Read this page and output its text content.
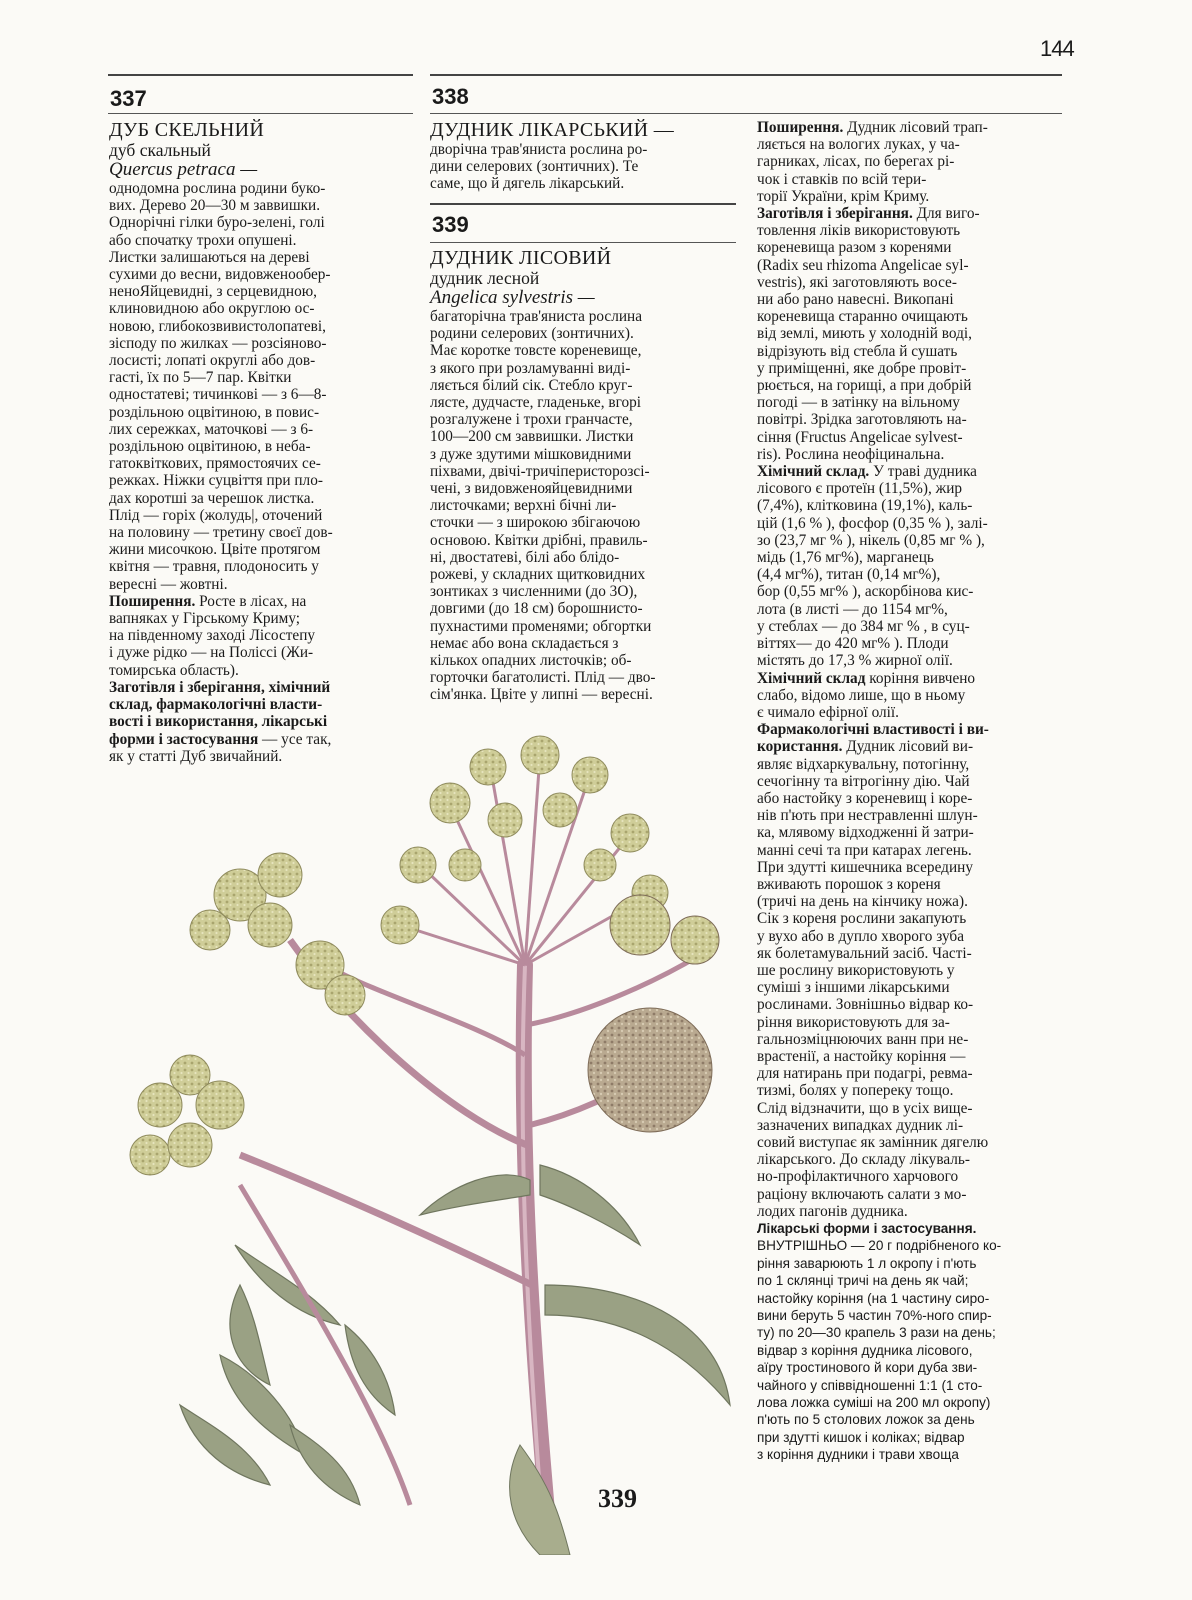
144
337	338

ДУБ СКЕЛЬНИЙ

дуб скальный

Quercus petraca —

однодомна рослина родини буко-

вих. Дерево 20—30 м заввишки.

Однорічні гілки буро-зелені, голі

або спочатку трохи опушені.

Листки залишаються на дереві

сухими до весни, видовженообер-

неноЯйцевидні, з серцевидною,

клиновидною або округлою ос-

новою, глибокозвивистолопатеві,

зісподу по жилках — розсіяново-

лосисті; лопаті округлі або дов-

гасті, їх по 5—7 пар. Квітки

одностатеві; тичинкові — з 6—8-

роздільною оцвітиною, в повис-

лих сережках, маточкові — з 6-

роздільною оцвітиною, в небa-

гатоквіткових, прямостоячих се-

режках. Ніжки суцвіття при пло-

дах коротші за черешок листка.

Плід — горіх (жолудь|, оточений

на половину — третину своєї дов-

жини мисочкою. Цвіте протягом

квітня — травня, плодоносить у

вересні — жовтні.

Поширення. Росте в лісах, на

вапняках у Гірському Криму;

на південному заході Лісостепу

і дуже рідко — на Поліссі (Жи-

томирська область).

Заготівля і зберігання, хімічний

склад, фармакологічні власти-

вості і використання, лікарські

форми і застосування — усе так,

як у статті Дуб звичайний.

ДУДНИК ЛІКАРСЬКИЙ —

дворічна трав'яниста рослина ро-

дини селерових (зонтичних). Те

саме, що й дягель лікарський.

339

ДУДНИК ЛІСОВИЙ

дудник лесной

Angelica sylvestris —

багаторічна трав'яниста рослина

родини селерових (зонтичних).

Має коротке товсте кореневище,

з якого при розламуванні виді-

ляється білий сік. Стебло круг-

лясте, дудчасте, гладеньке, вгорі

розгалужене і трохи гранчасте,

100—200 см заввишки. Листки

з дуже здутими мішковидними

піхвами, двічі-тричіперисторозсі-

чені, з видовженояйцевидними

листочками; верхні бічні ли-

сточки — з широкою збігаючою

основою. Квітки дрібні, правиль-

ні, двостатеві, білі або блідо-

рожеві, у складних щитковидних

зонтиках з численними (до 3О),

довгими (до 18 см) борошнисто-

пухнастими променями; обгортки

немає або вона складається з

кількох опадних листочків; об-

горточки багатолисті. Плід — дво-

сім'янка. Цвіте у липні — вересні.

Поширення. Дудник лісовий трап-

ляється на вологих луках, у ча-

гарниках, лісах, по берегах рі-

чок і ставків по всій тери-

торії України, крім Криму.

Заготівля і зберігання. Для виго-

товлення ліків використовують

кореневища разом з коренями

(Radix seu rhizoma Angelicae syl-

vestris), які заготовляють восе-

ни або рано навесні. Викопані

кореневища старанно очищають

від землі, миють у холодній воді,

відрізують від стебла й сушать

у приміщенні, яке добре провіт-

рюється, на горищі, а при добрій

погоді — в затінку на вільному

повітрі. Зрідка заготовляють на-

сіння (Fructus Angelicae sylvest-

ris). Рослина неофіцинальна.

Хімічний склад. У траві дудника

лісового є протеїн (11,5%), жир

(7,4%), клітковина (19,1%), каль-

цій (1,6 % ), фосфор (0,35 % ), залі-

зо (23,7 мг % ), нікель (0,85 мг % ),

мідь (1,76 мг%), марганець

(4,4 мг%), титан (0,14 мг%),

бор (0,55 мг% ), аскорбінова кис-

лота (в листі — до 1154 мг%,

у стеблах — до 384 мг % , в суц-

віттях— до 420 мг% ). Плоди

містять до 17,3 % жирної олії.

Хімічний склад коріння вивчено

слабо, відомо лише, що в ньому

є чимало ефірної олії.

Фармакологічні властивості і ви-

користання. Дудник лісовий ви-

являє відхаркувальну, потогінну,

сечогінну та вітрогінну дію. Чай

або настойку з кореневищ і коре-

нів п'ють при нестравленні шлун-

ка, млявому відходженні й затри-

манні сечі та при катарах легень.

При здутті кишечника всередину

вживають порошок з кореня

(тричі на день на кінчику ножа).

Сік з кореня рослини закапують

у вухо або в дупло хворого зуба

як болетамувальний засіб. Часті-

ше рослину використовують у

суміші з іншими лікарськими

рослинами. Зовнішньо відвар ко-

ріння використовують для за-

гальнозміцнюючих ванн при не-

врастенії, а настойку коріння —

для натирань при подагрі, ревма-

тизмі, болях у попереку тощо.

Слід відзначити, що в усіх вище-

зазначених випадках дудник лі-

совий виступає як замінник дягелю

лікарського. До складу лікуваль-

но-профілактичного харчового

раціону включають салати з мо-

лодих пагонів дудника.

Лікарські форми і застосування.

ВНУТРІШНЬО — 20 г подрібненого ко-

ріння заварюють 1 л окропу і п'ють

по 1 склянці тричі на день як чай;

настойку коріння (на 1 частину сиро-

вини беруть 5 частин 70%-ного спир-

ту) по 20—30 крапель 3 рази на день;

відвар з коріння дудника лісового,

аїру тростинового й кори дуба зви-

чайного у співвідношенні 1:1 (1 сто-

лова ложка суміші на 200 мл окропу)

п'ють по 5 столових ложок за день

при здутті кишок і коліках; відвар

з коріння дудники і трави хвоща

339
